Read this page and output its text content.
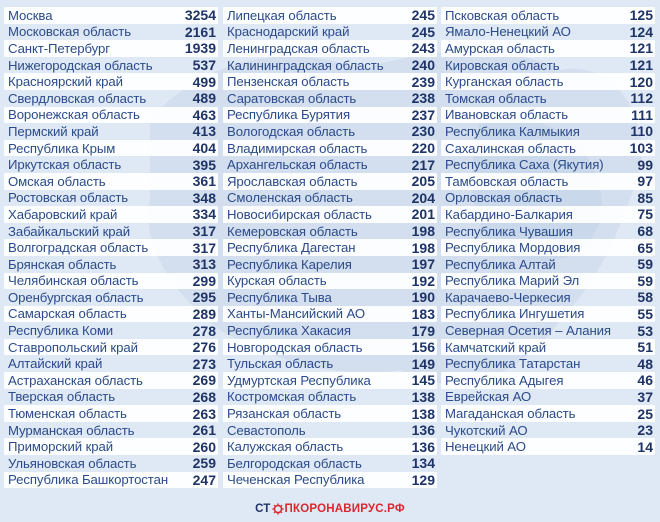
Москва	3254
Московская область	2161
Санкт-Петербург	1939
Нижегородская область	537
Красноярский край	499
Свердловская область	489
Воронежская область	463
Пермский край	413
Республика Крым	404
Иркутская область	395
Омская область	361
Ростовская область	348
Хабаровский край	334
Забайкальский край	317
Волгоградская область	317
Брянская область	313
Челябинская область	299
Оренбургская область	295
Самарская область	289
Республика Коми	278
Ставропольский край	276
Алтайский край	273
Астраханская область	269
Тверская область	268
Тюменская область	263
Мурманская область	261
Приморский край	260
Ульяновская область	259
Республика Башкортостан	247
Липецкая область	245
Краснодарский край	245
Ленинградская область	243
Калининградская область	240
Пензенская область	239
Саратовская область	238
Республика Бурятия	237
Вологодская область	230
Владимирская область	220
Архангельская область	217
Ярославская область	205
Смоленская область	204
Новосибирская область	201
Кемеровская область	198
Республика Дагестан	198
Республика Карелия	197
Курская область	192
Республика Тыва	190
Ханты-Мансийский АО	183
Республика Хакасия	179
Новгородская область	156
Тульская область	149
Удмуртская Республика	145
Костромская область	138
Рязанская область	138
Севастополь	136
Калужская область	136
Белгородская область	134
Чеченская Республика	129
Псковская область	125
Ямало-Ненецкий АО	124
Амурская область	121
Кировская область	121
Курганская область	120
Томская область	112
Ивановская область	111
Республика Калмыкия	110
Сахалинская область	103
Республика Саха (Якутия)	99
Тамбовская область	97
Орловская область	85
Кабардино-Балкария	75
Республика Чувашия	68
Республика Мордовия	65
Республика Алтай	59
Республика Марий Эл	59
Карачаево-Черкесия	58
Республика Ингушетия	55
Северная Осетия – Алания	53
Камчатский край	51
Республика Татарстан	48
Республика Адыгея	46
Еврейская АО	37
Магаданская область	25
Чукотский АО	23
Ненецкий АО	14
СТ ПКОРОНАВИРУС.РФ
